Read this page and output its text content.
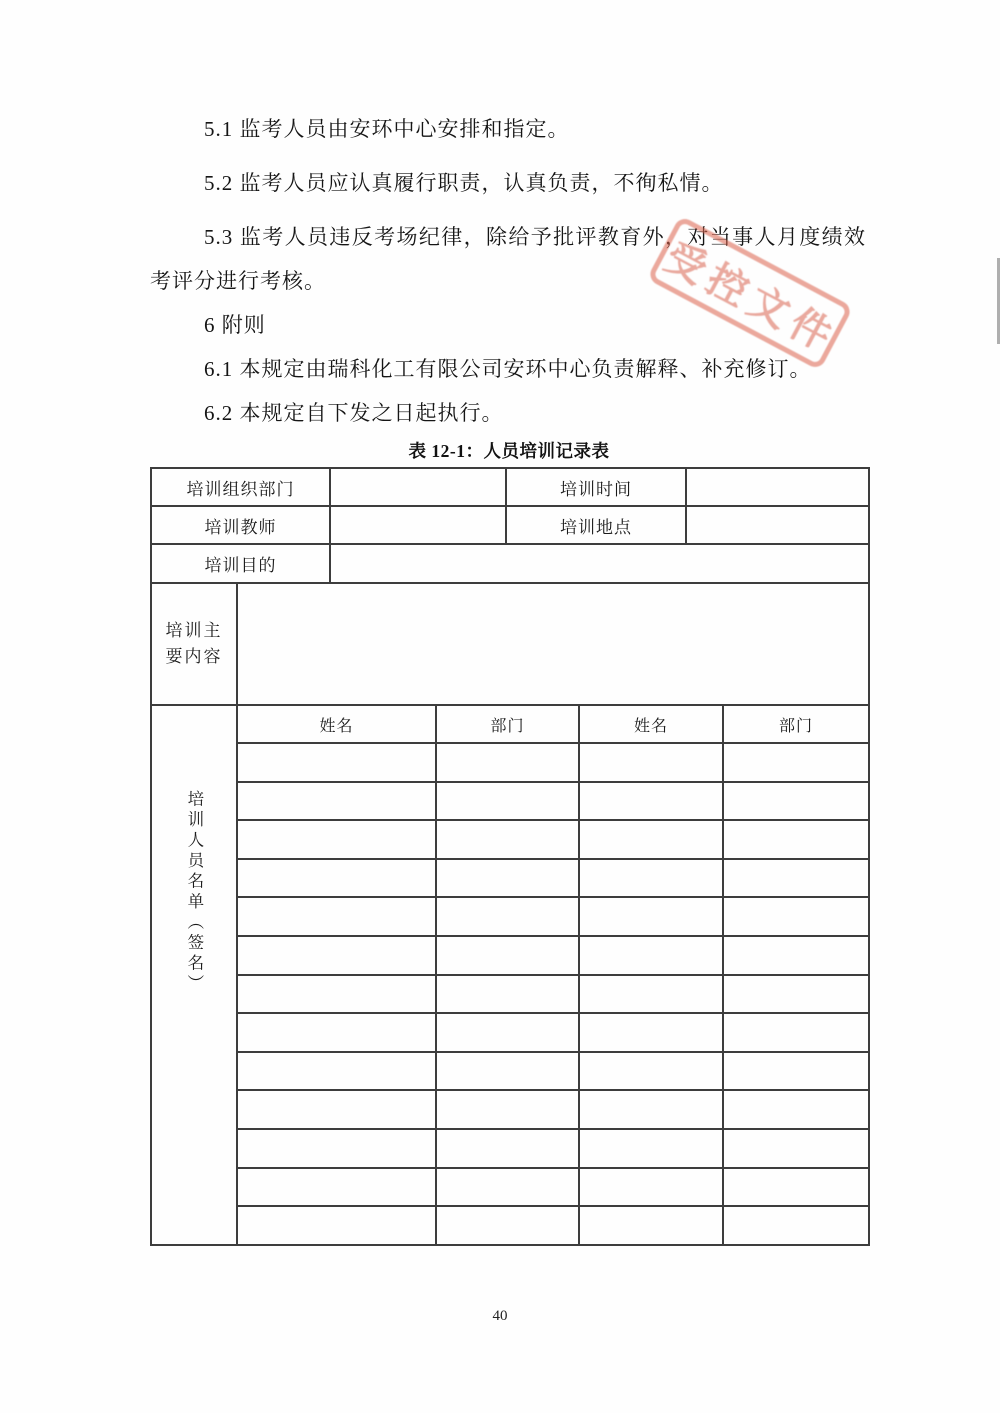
5.1 监考人员由安环中心安排和指定。

5.2 监考人员应认真履行职责，认真负责，不徇私情。

5.3 监考人员违反考场纪律，除给予批评教育外，对当事人月度绩效考评分进行考核。

6 附则

6.1 本规定由瑞科化工有限公司安环中心负责解释、补充修订。

6.2 本规定自下发之日起执行。

受控文件
表 12-1：人员培训记录表
培训组织部门				培训时间			
培训教师				培训地点			
培训目的							
培训主要内容							
培训人员名单（签名）	姓名		部门		姓名		部门

40
